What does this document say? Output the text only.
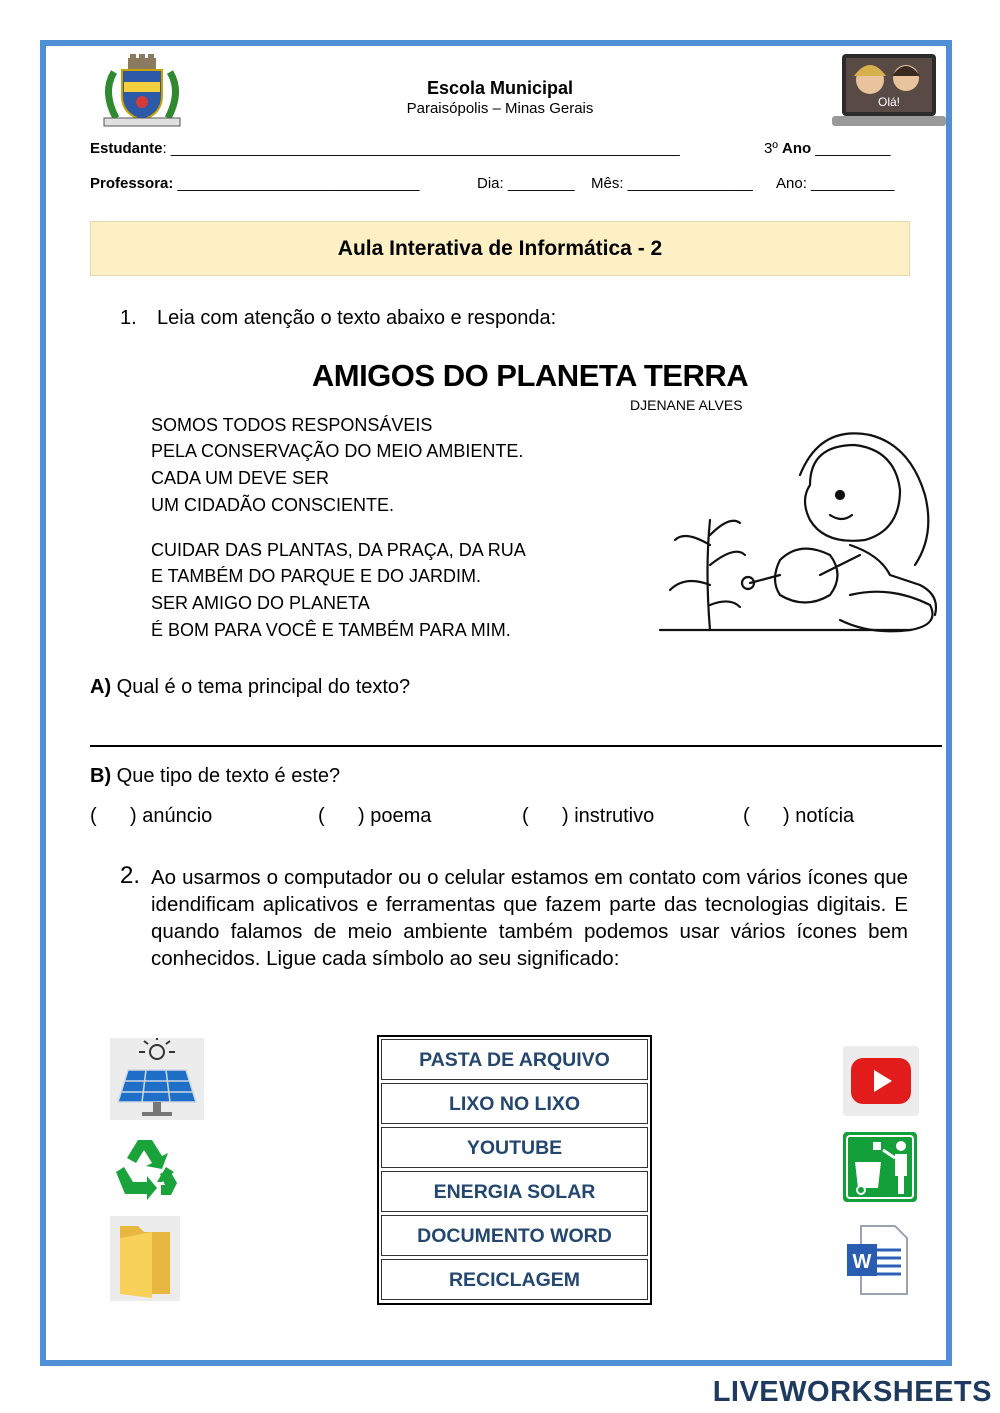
Escola Municipal
Paraisópolis – Minas Gerais	Olá!
Estudante: _____________________________________________________________	3º Ano _________
Professora: _____________________________	Dia: ________ Mês: _______________ Ano: __________
Aula Interativa de Informática - 2
1. Leia com atenção o texto abaixo e responda:
AMIGOS DO PLANETA TERRA
DJENANE ALVES
SOMOS TODOS RESPONSÁVEIS
PELA CONSERVAÇÃO DO MEIO AMBIENTE.
CADA UM DEVE SER
UM CIDADÃO CONSCIENTE.
CUIDAR DAS PLANTAS, DA PRAÇA, DA RUA
E TAMBÉM DO PARQUE E DO JARDIM.
SER AMIGO DO PLANETA
É BOM PARA VOCÊ E TAMBÉM PARA MIM.
A) Qual é o tema principal do texto?
B) Que tipo de texto é este?
(      ) anúncio	(      ) poema	(      ) instrutivo	(      ) notícia
2. Ao usarmos o computador ou o celular estamos em contato com vários ícones que idendificam aplicativos e ferramentas que fazem parte das tecnologias digitais. E quando falamos de meio ambiente também podemos usar vários ícones bem conhecidos. Ligue cada símbolo ao seu significado:
PASTA DE ARQUIVO
LIXO NO LIXO
YOUTUBE
ENERGIA SOLAR
DOCUMENTO WORD
RECICLAGEM
W
LIVEWORKSHEETS
